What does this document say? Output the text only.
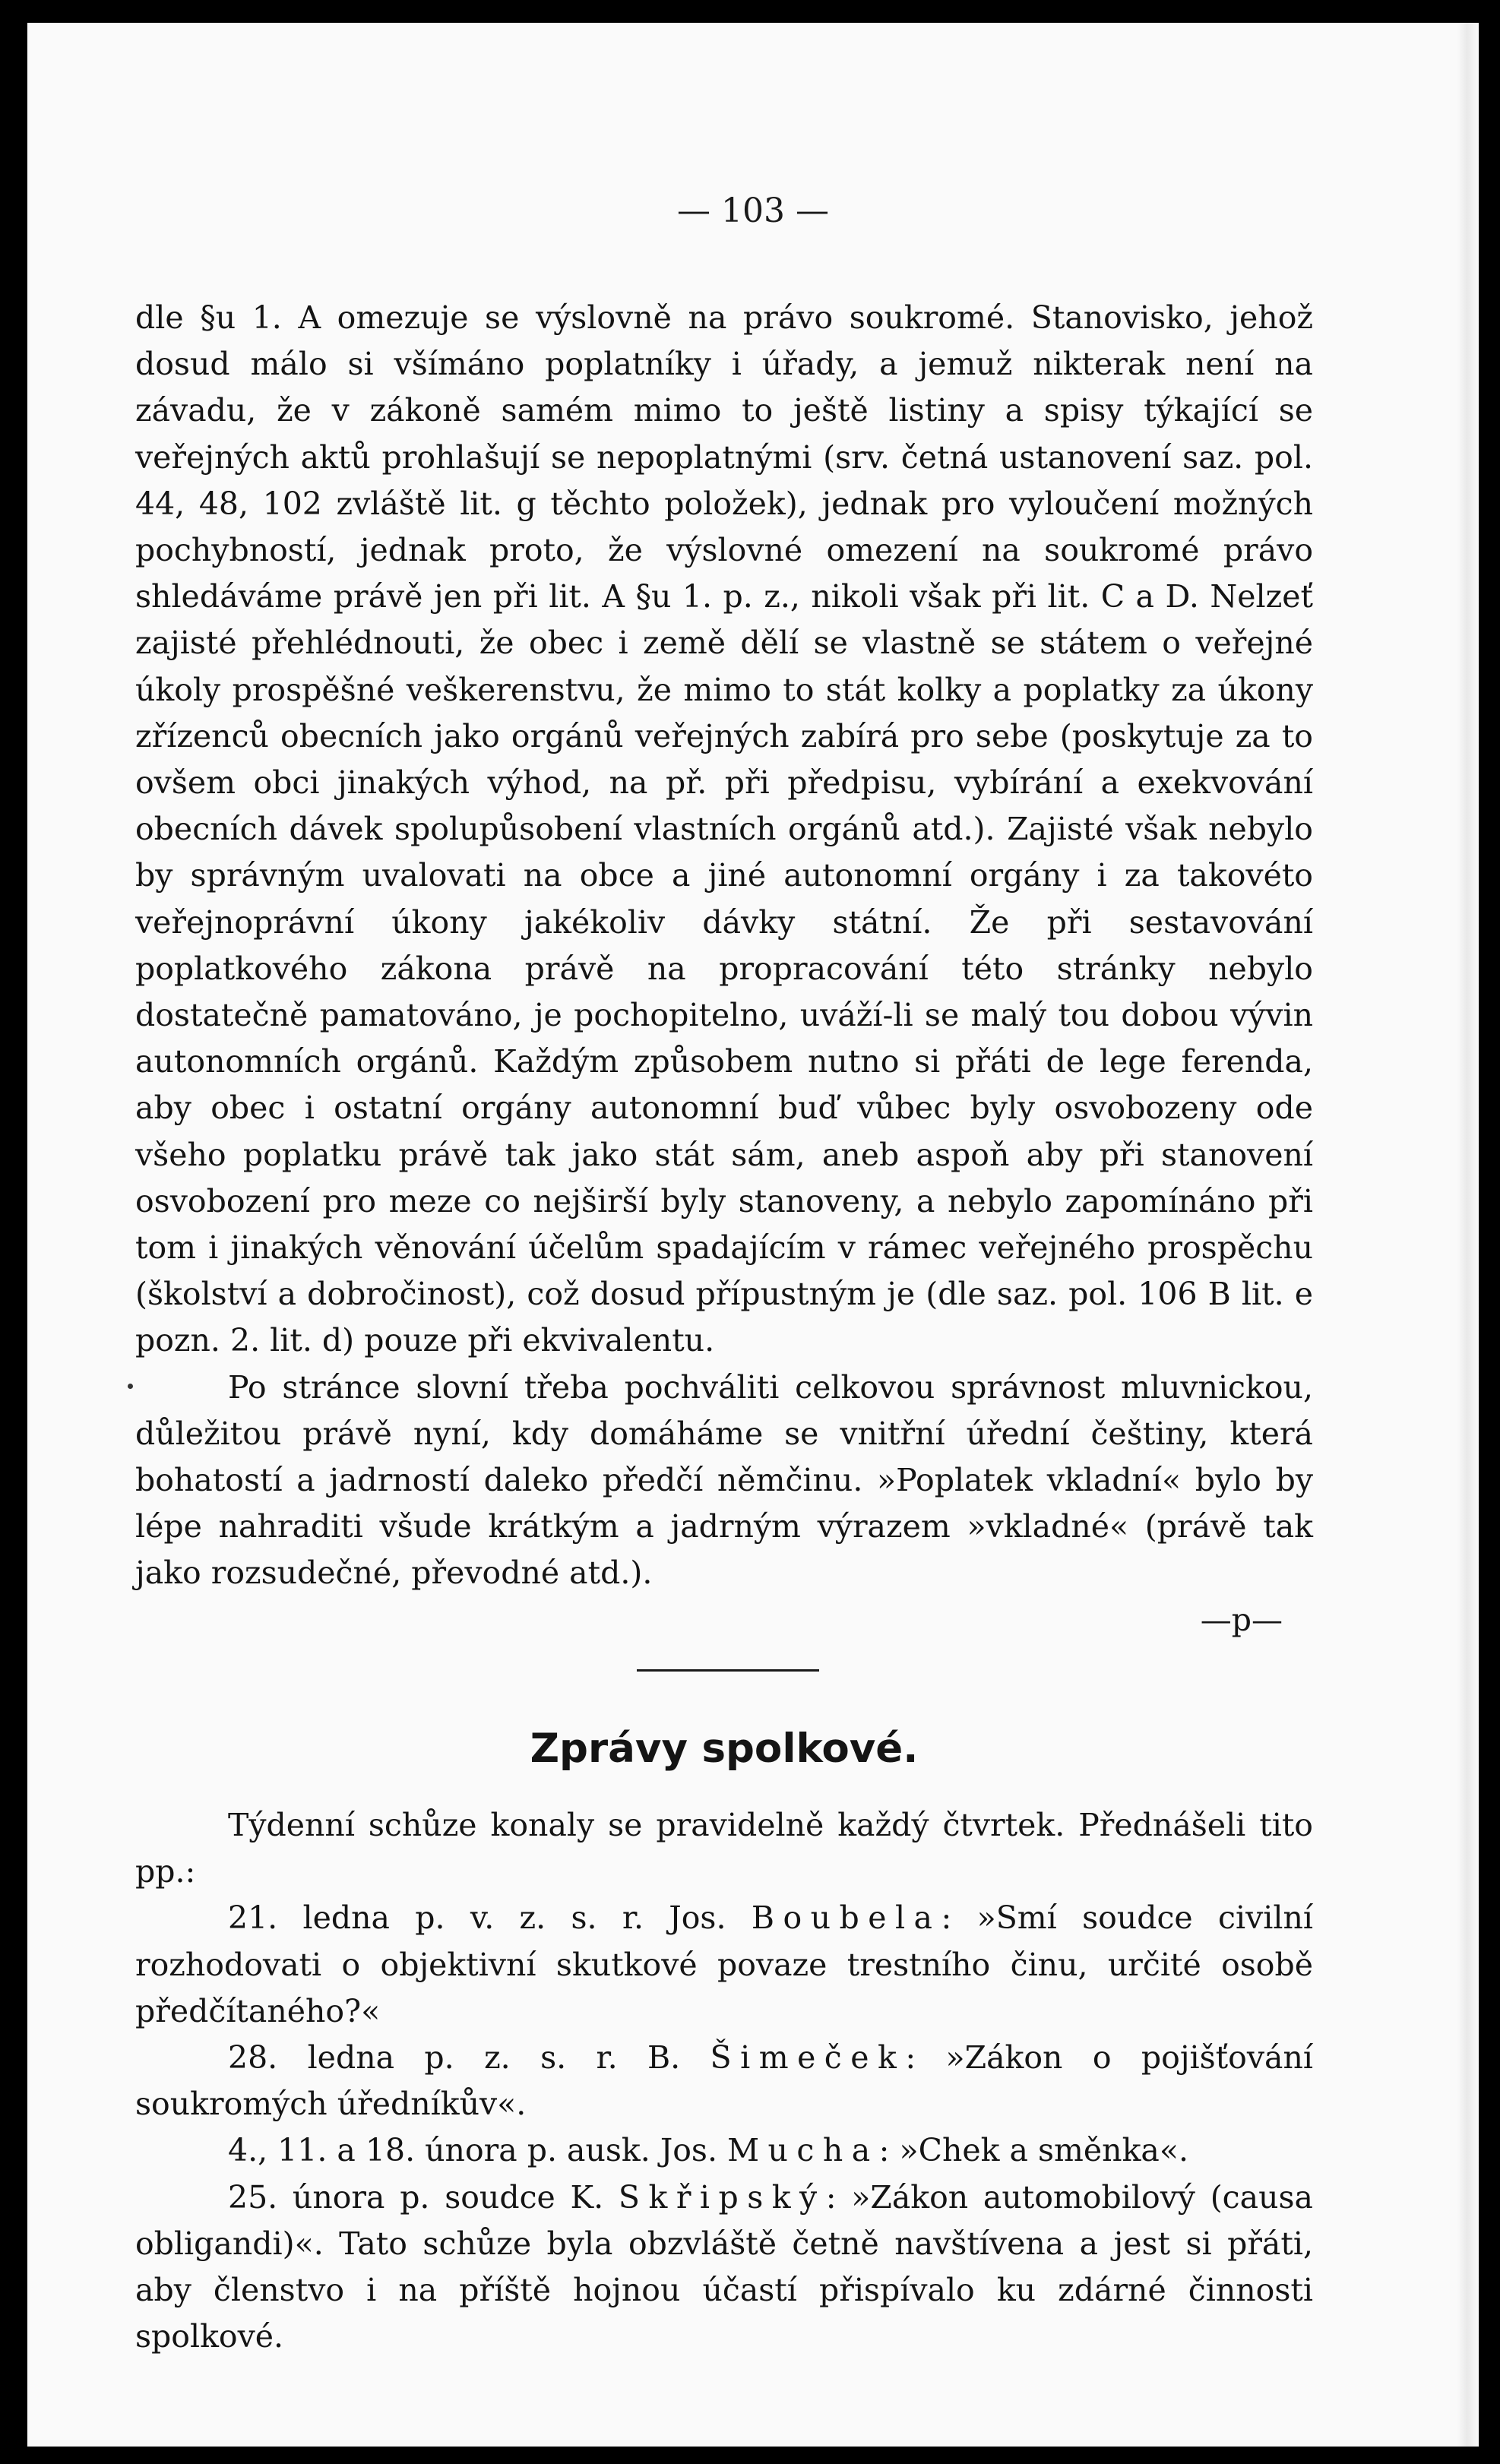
— 103 —

dle §u 1. A omezuje se výslovně na právo soukromé. Stanovisko, jehož dosud málo si všímáno poplatníky i úřady, a jemuž nikterak není na závadu, že v zákoně samém mimo to ještě listiny a spisy týkající se veřejných aktů prohlašují se nepoplatnými (srv. četná ustanovení saz. pol. 44, 48, 102 zvláště lit. g těchto položek), jednak pro vyloučení možných pochybností, jednak proto, že výslovné omezení na soukromé právo shledáváme právě jen při lit. A §u 1. p. z., nikoli však při lit. C a D. Nelzeť zajisté přehlédnouti, že obec i země dělí se vlastně se státem o veřejné úkoly prospěšné veškerenstvu, že mimo to stát kolky a poplatky za úkony zřízenců obecních jako orgánů veřejných zabírá pro sebe (poskytuje za to ovšem obci jinakých výhod, na př. při předpisu, vybírání a exekvování obecních dávek spolupůsobení vlastních orgánů atd.). Zajisté však nebylo by správným uvalovati na obce a jiné autonomní orgány i za takovéto veřejnoprávní úkony jakékoliv dávky státní. Že při sestavování poplatkového zákona právě na propracování této stránky nebylo dostatečně pamatováno, je pochopitelno, uváží-li se malý tou dobou vývin autonomních orgánů. Každým způsobem nutno si přáti de lege ferenda, aby obec i ostatní orgány autonomní buď vůbec byly osvobozeny ode všeho poplatku právě tak jako stát sám, aneb aspoň aby při stanovení osvobození pro meze co nejširší byly stanoveny, a nebylo zapomínáno při tom i jinakých věnování účelům spadajícím v rámec veřejného prospěchu (školství a dobročinost), což dosud přípustným je (dle saz. pol. 106 B lit. e pozn. 2. lit. d) pouze při ekvivalentu.

Po stránce slovní třeba pochváliti celkovou správnost mluvnickou, důležitou právě nyní, kdy domáháme se vnitřní úřední češtiny, která bohatostí a jadrností daleko předčí němčinu. »Poplatek vkladní« bylo by lépe nahraditi všude krátkým a jadrným výrazem »vkladné« (právě tak jako rozsudečné, převodné atd.).

—p—

Zprávy spolkové.

Týdenní schůze konaly se pravidelně každý čtvrtek. Přednášeli tito pp.:

21. ledna p. v. z. s. r. Jos. Boubela: »Smí soudce civilní rozhodovati o objektivní skutkové povaze trestního činu, určité osobě předčítaného?«

28. ledna p. z. s. r. B. Šimeček: »Zákon o pojišťování soukromých úředníkův«.

4., 11. a 18. února p. ausk. Jos. Mucha: »Chek a směnka«.

25. února p. soudce K. Skřipský: »Zákon automobilový (causa obligandi)«. Tato schůze byla obzvláště četně navštívena a jest si přáti, aby členstvo i na příště hojnou účastí přispívalo ku zdárné činnosti spolkové.
